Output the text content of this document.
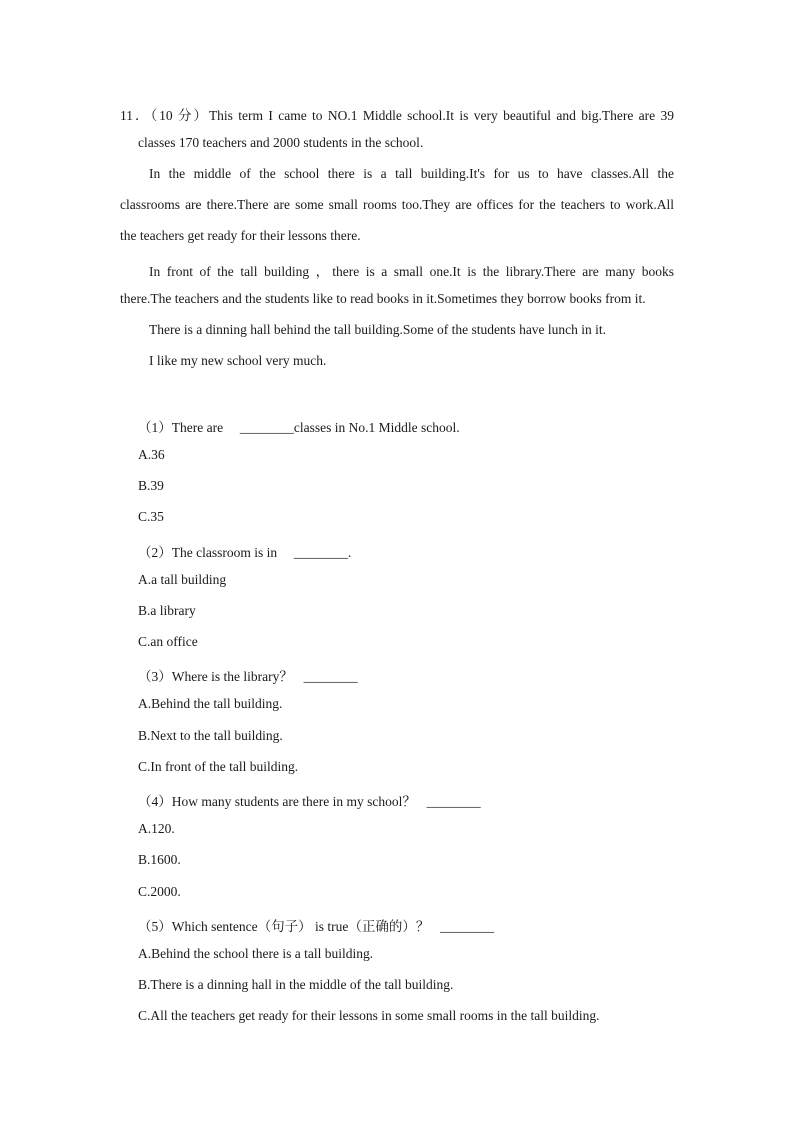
11．（10 分）This term I came to NO.1 Middle school.It is very beautiful and big.There are 39
classes 170 teachers and 2000 students in the school.
In the middle of the school there is a tall building.It's for us to have classes.All the
classrooms are there.There are some small rooms too.They are offices for the teachers to work.All
the teachers get ready for their lessons there.
In front of the tall building ，there is a small one.It is the library.There are many books
there.The teachers and the students like to read books in it.Sometimes they borrow books from it.
There is a dinning hall behind the tall building.Some of the students have lunch in it.
I like my new school very much.
（1）There are ________classes in No.1 Middle school.
A.36
B.39
C.35
（2）The classroom is in ________.
A.a tall building
B.a library
C.an office
（3）Where is the library？ ________
A.Behind the tall building.
B.Next to the tall building.
C.In front of the tall building.
（4）How many students are there in my school？ ________
A.120.
B.1600.
C.2000.
（5）Which sentence（句子） is true（正确的）？ ________
A.Behind the school there is a tall building.
B.There is a dinning hall in the middle of the tall building.
C.All the teachers get ready for their lessons in some small rooms in the tall building.
